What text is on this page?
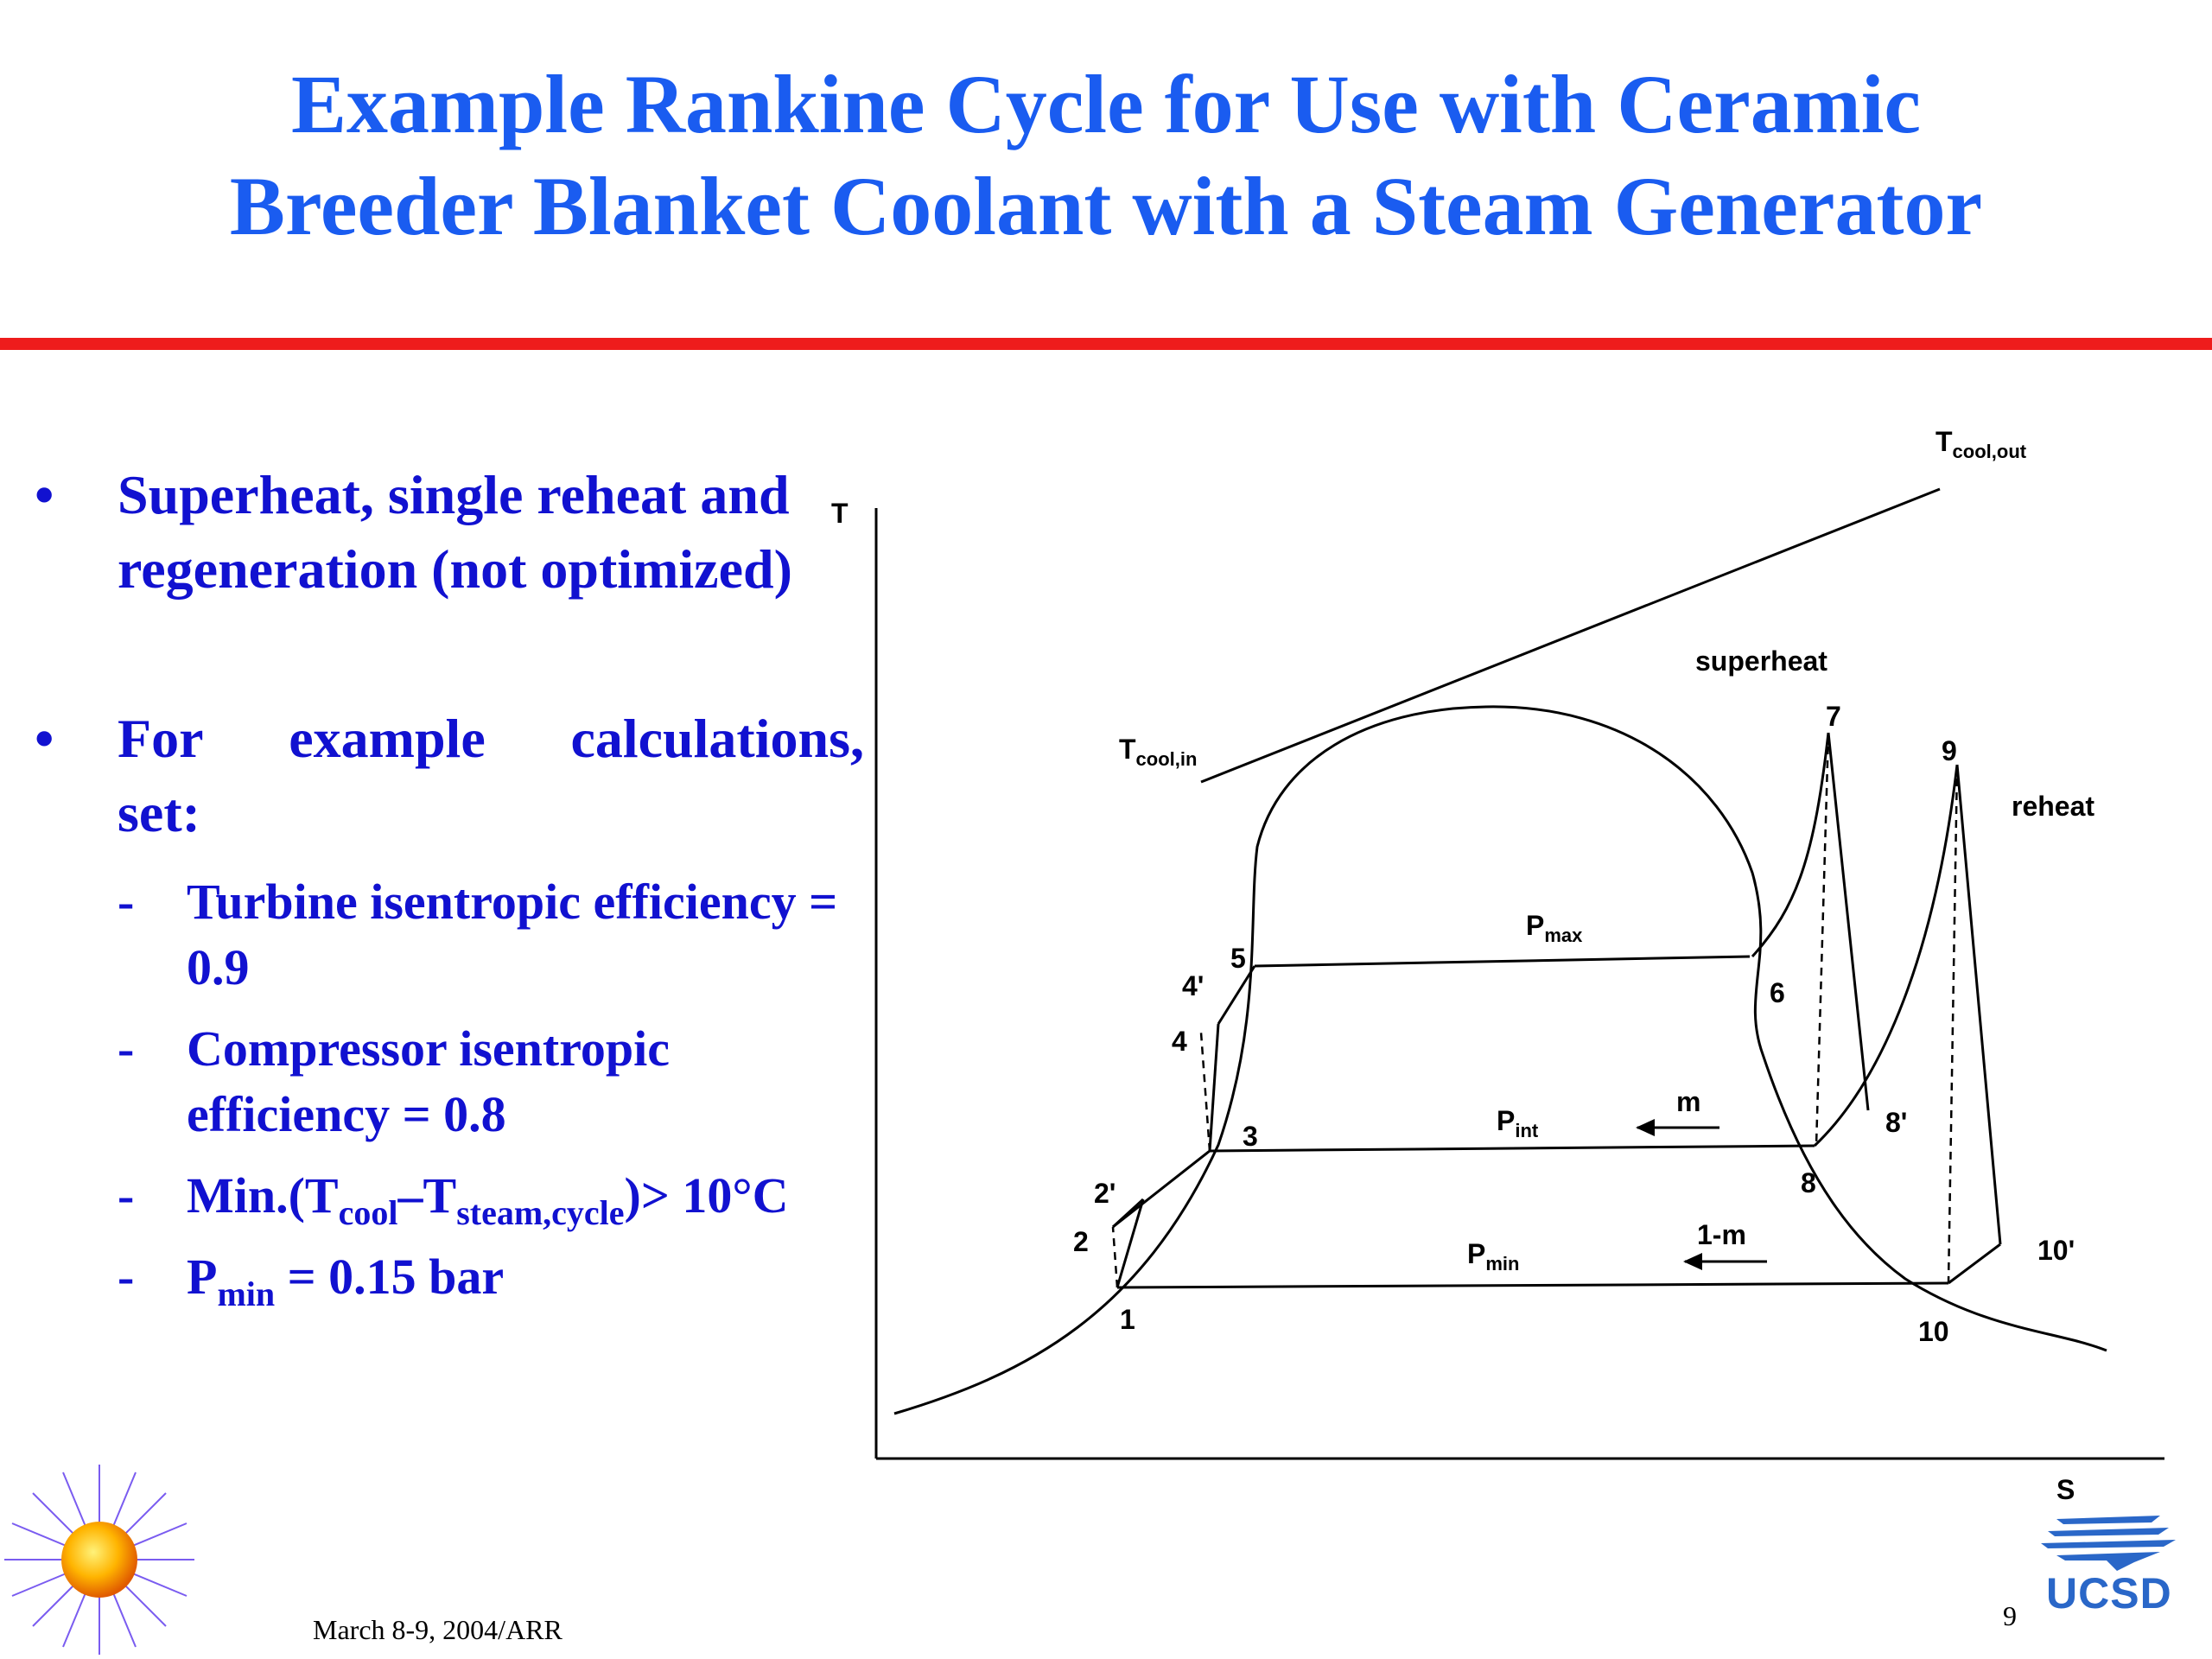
Example Rankine Cycle for Use with Ceramic
Breeder Blanket Coolant with a Steam Generator
• Superheat, single reheat and regeneration (not optimized)
• For example calculations,
set:
- Turbine isentropic efficiency = 0.9
- Compressor isentropic efficiency = 0.8
- $Min.(T_{cool}-T_{steam,cycle})> 10^\circ C$
- $P_{min} = 0.15$ bar
T
S
$T_{cool,out}$
$T_{cool,in}$
superheat
reheat
$P_{max}$
$P_{int}$
$P_{min}$
m
1-m
1
2
2'
3
4
4'
5
6
7
8
8'
9
10
10'
March 8-9, 2004/ARR	9 UCSD
